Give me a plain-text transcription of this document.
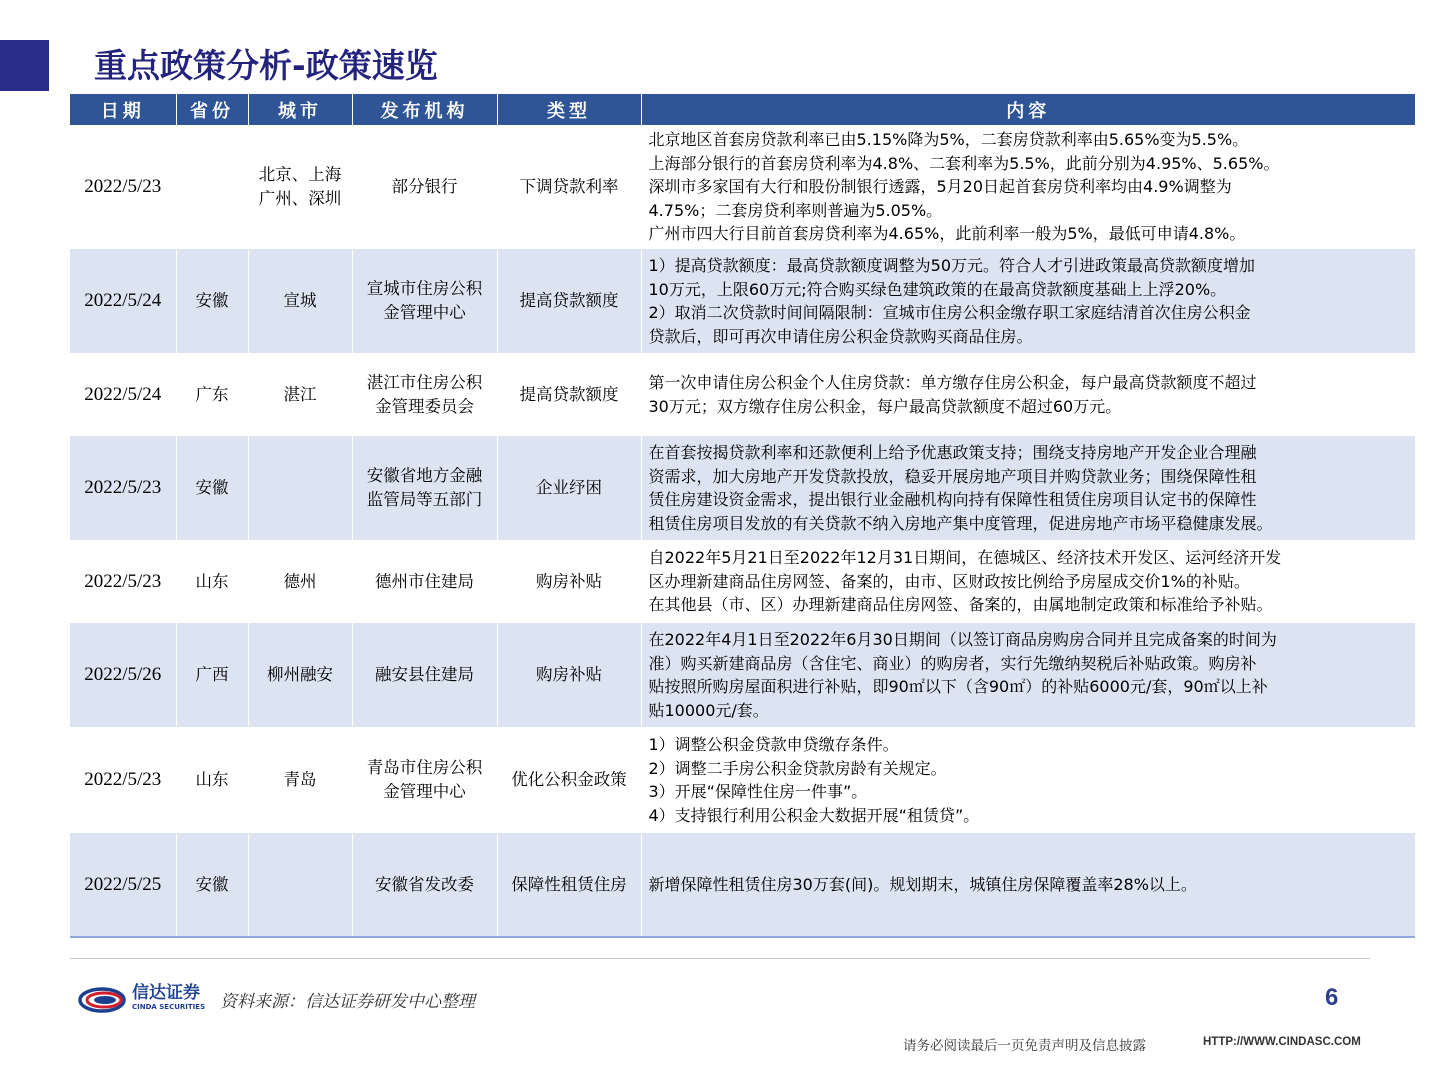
重点政策分析-政策速览
日期	省份	城市	发布机构	类型	内容
2022/5/23		北京、上海广州、深圳	部分银行	下调贷款利率	北京地区首套房贷款利率已由5.15%降为5%，二套房贷款利率由5.65%变为5.5%。
上海部分银行的首套房贷利率为4.8%、二套利率为5.5%，此前分别为4.95%、5.65%。
深圳市多家国有大行和股份制银行透露，5月20日起首套房贷利率均由4.9%调整为
4.75%；二套房贷利率则普遍为5.05%。
广州市四大行目前首套房贷利率为4.65%，此前利率一般为5%，最低可申请4.8%。

2022/5/24	安徽	宣城	宣城市住房公积金管理中心	提高贷款额度	1）提高贷款额度：最高贷款额度调整为50万元。符合人才引进政策最高贷款额度增加
10万元，上限60万元;符合购买绿色建筑政策的在最高贷款额度基础上上浮20%。
2）取消二次贷款时间间隔限制：宣城市住房公积金缴存职工家庭结清首次住房公积金
贷款后，即可再次申请住房公积金贷款购买商品住房。

2022/5/24	广东	湛江	湛江市住房公积金管理委员会	提高贷款额度	第一次申请住房公积金个人住房贷款：单方缴存住房公积金，每户最高贷款额度不超过
30万元；双方缴存住房公积金，每户最高贷款额度不超过60万元。

2022/5/23	安徽		安徽省地方金融监管局等五部门	企业纾困	在首套按揭贷款利率和还款便利上给予优惠政策支持；围绕支持房地产开发企业合理融
资需求，加大房地产开发贷款投放，稳妥开展房地产项目并购贷款业务；围绕保障性租
赁住房建设资金需求，提出银行业金融机构向持有保障性租赁住房项目认定书的保障性
租赁住房项目发放的有关贷款不纳入房地产集中度管理，促进房地产市场平稳健康发展。

2022/5/23	山东	德州	德州市住建局	购房补贴	自2022年5月21日至2022年12月31日期间，在德城区、经济技术开发区、运河经济开发
区办理新建商品住房网签、备案的，由市、区财政按比例给予房屋成交价1%的补贴。
在其他县（市、区）办理新建商品住房网签、备案的，由属地制定政策和标准给予补贴。

2022/5/26	广西	柳州融安	融安县住建局	购房补贴	在2022年4月1日至2022年6月30日期间（以签订商品房购房合同并且完成备案的时间为
准）购买新建商品房（含住宅、商业）的购房者，实行先缴纳契税后补贴政策。购房补
贴按照所购房屋面积进行补贴，即90㎡以下（含90㎡）的补贴6000元/套，90㎡以上补
贴10000元/套。

2022/5/23	山东	青岛	青岛市住房公积金管理中心	优化公积金政策	1）调整公积金贷款申贷缴存条件。
2）调整二手房公积金贷款房龄有关规定。
3）开展“保障性住房一件事”。
4）支持银行利用公积金大数据开展“租赁贷”。

2022/5/25	安徽		安徽省发改委	保障性租赁住房	新增保障性租赁住房30万套(间)。规划期末，城镇住房保障覆盖率28%以上。
信达证券
CINDA SECURITIES 资料来源：信达证券研发中心整理	6
请务必阅读最后一页免责声明及信息披露	HTTP://WWW.CINDASC.COM
